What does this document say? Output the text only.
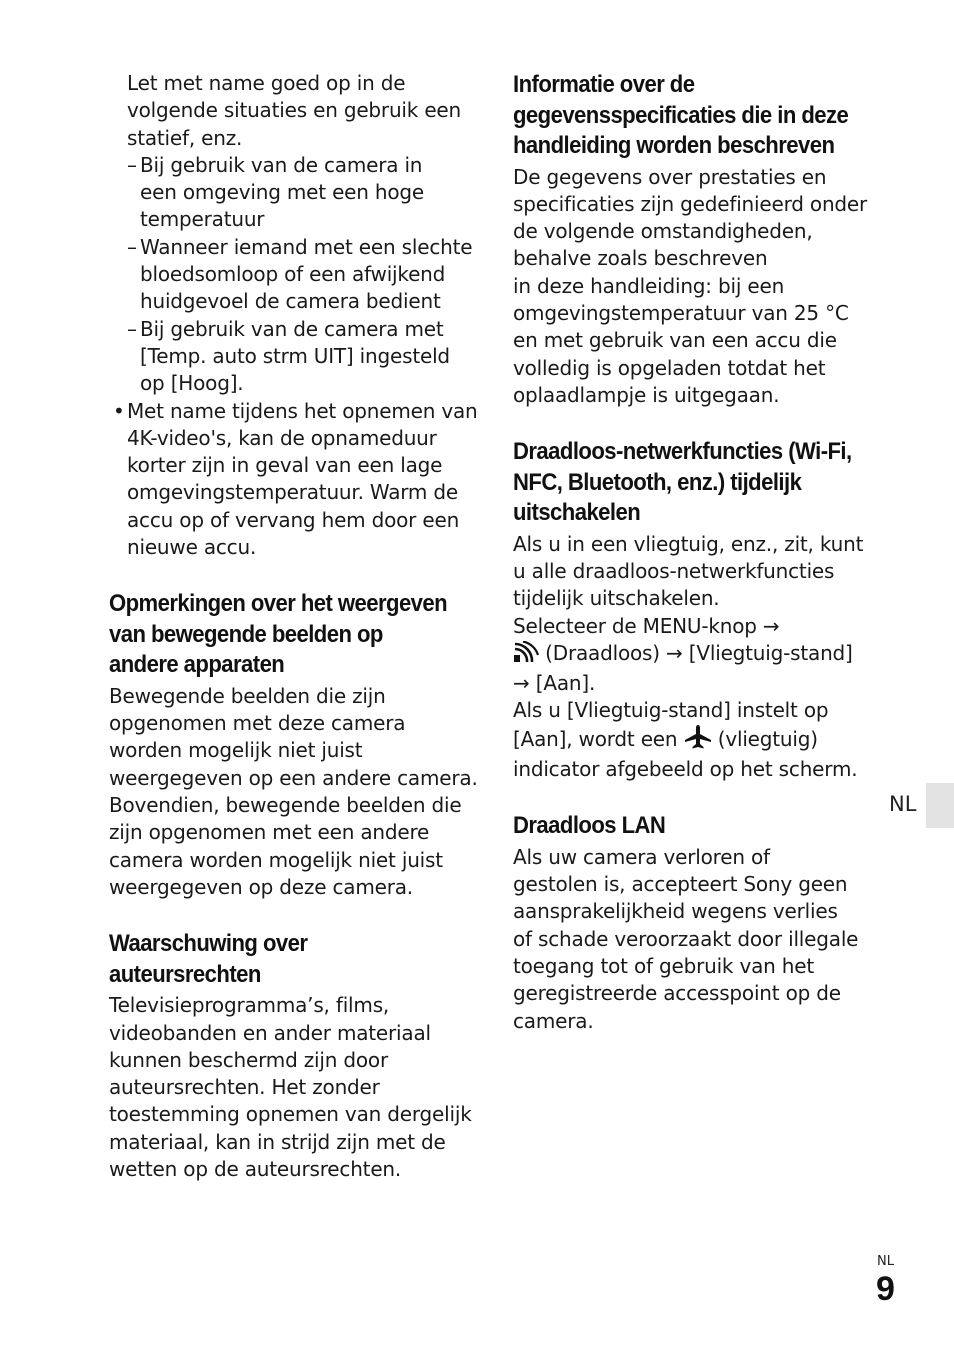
Let met name goed op in de

volgende situaties en gebruik een

statief, enz.

– Bij gebruik van de camera in

een omgeving met een hoge

temperatuur

– Wanneer iemand met een slechte

bloedsomloop of een afwijkend

huidgevoel de camera bedient

– Bij gebruik van de camera met

[Temp. auto strm UIT] ingesteld

op [Hoog].

• Met name tijdens het opnemen van

4K-video's, kan de opnameduur

korter zijn in geval van een lage

omgevingstemperatuur. Warm de

accu op of vervang hem door een

nieuwe accu.

Opmerkingen over het weergeven
van bewegende beelden op
andere apparaten

Bewegende beelden die zijn

opgenomen met deze camera

worden mogelijk niet juist

weergegeven op een andere camera.

Bovendien, bewegende beelden die

zijn opgenomen met een andere

camera worden mogelijk niet juist

weergegeven op deze camera.

Waarschuwing over
auteursrechten

Televisieprogramma’s, films,

videobanden en ander materiaal

kunnen beschermd zijn door

auteursrechten. Het zonder

toestemming opnemen van dergelijk

materiaal, kan in strijd zijn met de

wetten op de auteursrechten.

Informatie over de
gegevensspecificaties die in deze
handleiding worden beschreven

De gegevens over prestaties en

specificaties zijn gedefinieerd onder

de volgende omstandigheden,

behalve zoals beschreven

in deze handleiding: bij een

omgevingstemperatuur van 25 °C

en met gebruik van een accu die

volledig is opgeladen totdat het

oplaadlampje is uitgegaan.

Draadloos-netwerkfuncties (Wi-Fi,
NFC, Bluetooth, enz.) tijdelijk
uitschakelen

Als u in een vliegtuig, enz., zit, kunt

u alle draadloos-netwerkfuncties

tijdelijk uitschakelen.

Selecteer de MENU-knop →

(Draadloos) → [Vliegtuig-stand]

→ [Aan].

Als u [Vliegtuig-stand] instelt op

[Aan], wordt een (vliegtuig)

indicator afgebeeld op het scherm.

Draadloos LAN

Als uw camera verloren of

gestolen is, accepteert Sony geen

aansprakelijkheid wegens verlies

of schade veroorzaakt door illegale

toegang tot of gebruik van het

geregistreerde accesspoint op de

camera.

NL
NL
9
